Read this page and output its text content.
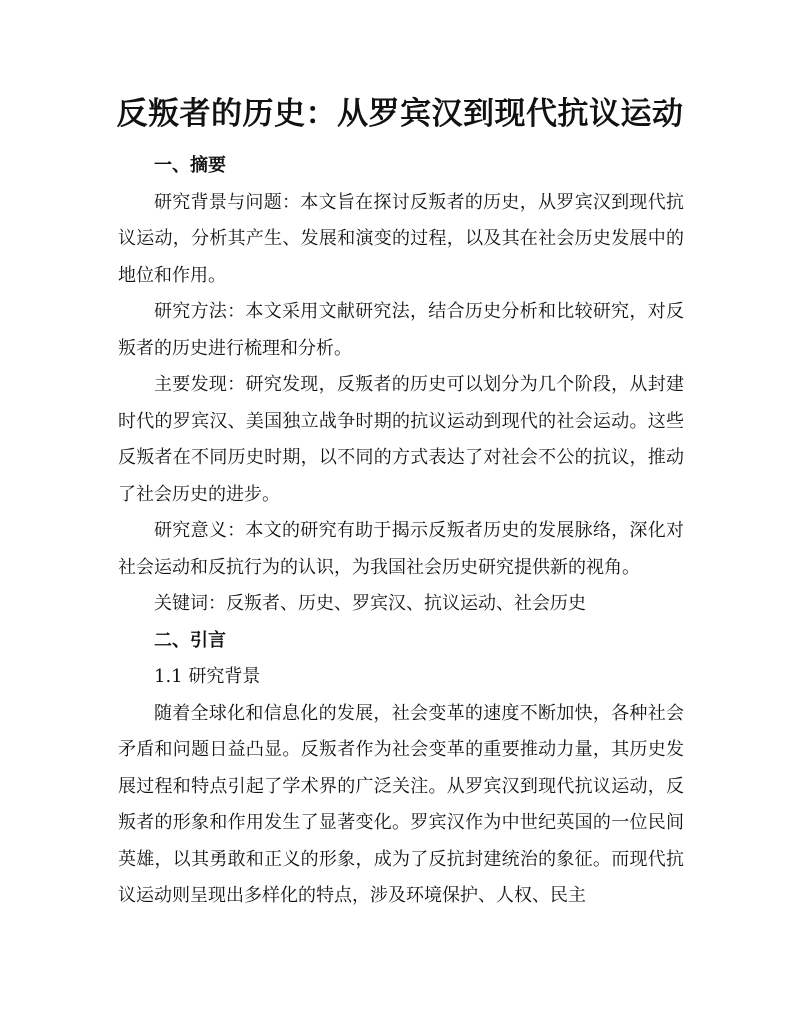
反叛者的历史：从罗宾汉到现代抗议运动

一、摘要

研究背景与问题：本文旨在探讨反叛者的历史，从罗宾汉到现代抗议运动，分析其产生、发展和演变的过程，以及其在社会历史发展中的地位和作用。

研究方法：本文采用文献研究法，结合历史分析和比较研究，对反叛者的历史进行梳理和分析。

主要发现：研究发现，反叛者的历史可以划分为几个阶段，从封建时代的罗宾汉、美国独立战争时期的抗议运动到现代的社会运动。这些反叛者在不同历史时期，以不同的方式表达了对社会不公的抗议，推动了社会历史的进步。

研究意义：本文的研究有助于揭示反叛者历史的发展脉络，深化对社会运动和反抗行为的认识，为我国社会历史研究提供新的视角。

关键词：反叛者、历史、罗宾汉、抗议运动、社会历史

二、引言

1.1 研究背景

随着全球化和信息化的发展，社会变革的速度不断加快，各种社会矛盾和问题日益凸显。反叛者作为社会变革的重要推动力量，其历史发展过程和特点引起了学术界的广泛关注。从罗宾汉到现代抗议运动，反叛者的形象和作用发生了显著变化。罗宾汉作为中世纪英国的一位民间英雄，以其勇敢和正义的形象，成为了反抗封建统治的象征。而现代抗议运动则呈现出多样化的特点，涉及环境保护、人权、民主
